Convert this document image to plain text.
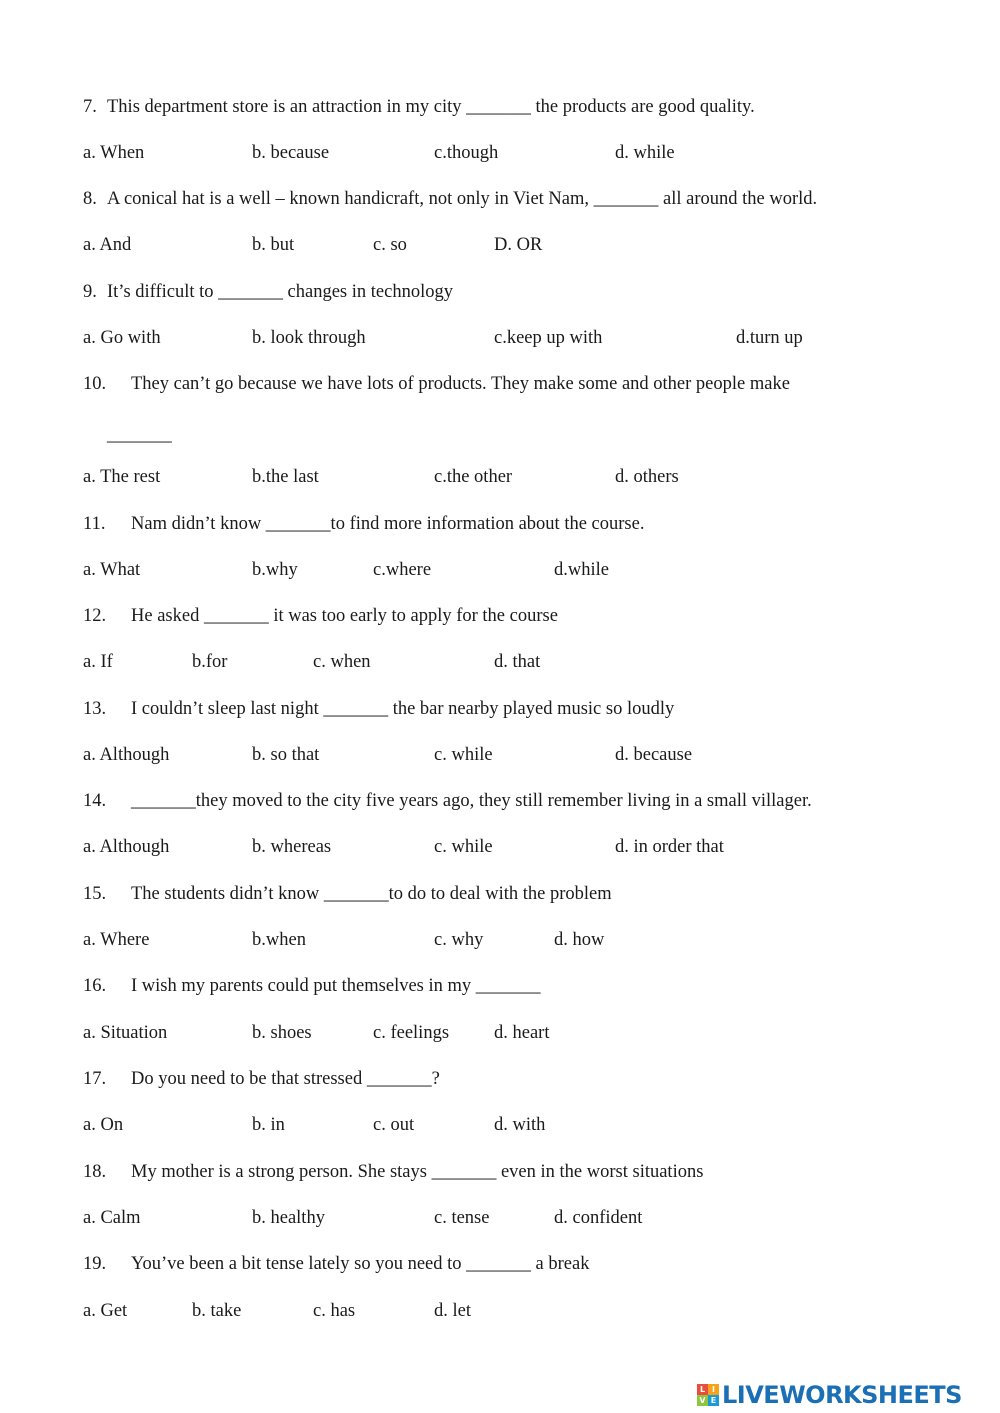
7. This department store is an attraction in my city _______ the products are good quality.
a. When	b. because	c.though	d. while
8. A conical hat is a well – known handicraft, not only in Viet Nam, _______ all around the world.
a. And	b. but	c. so	D. OR
9. It’s difficult to _______ changes in technology
a. Go with	b. look through	c.keep up with	d.turn up
10. They can’t go because we have lots of products. They make some and other people make
_______
a. The rest	b.the last	c.the other	d. others
11. Nam didn’t know _______to find more information about the course.
a. What	b.why	c.where	d.while
12. He asked _______ it was too early to apply for the course
a. If	b.for	c. when	d. that
13. I couldn’t sleep last night _______ the bar nearby played music so loudly
a. Although	b. so that	c. while	d. because
14. _______they moved to the city five years ago, they still remember living in a small villager.
a. Although	b. whereas	c. while	d. in order that
15. The students didn’t know _______to do to deal with the problem
a. Where	b.when	c. why	d. how
16. I wish my parents could put themselves in my _______
a. Situation	b. shoes	c. feelings d. heart
17. Do you need to be that stressed _______?
a. On	b. in	c. out	d. with
18. My mother is a strong person. She stays _______ even in the worst situations
a. Calm	b. healthy	c. tense	d. confident
19. You’ve been a bit tense lately so you need to _______ a break
a. Get	b. take	c. has	d. let
L I
V E LIVEWORKSHEETS
